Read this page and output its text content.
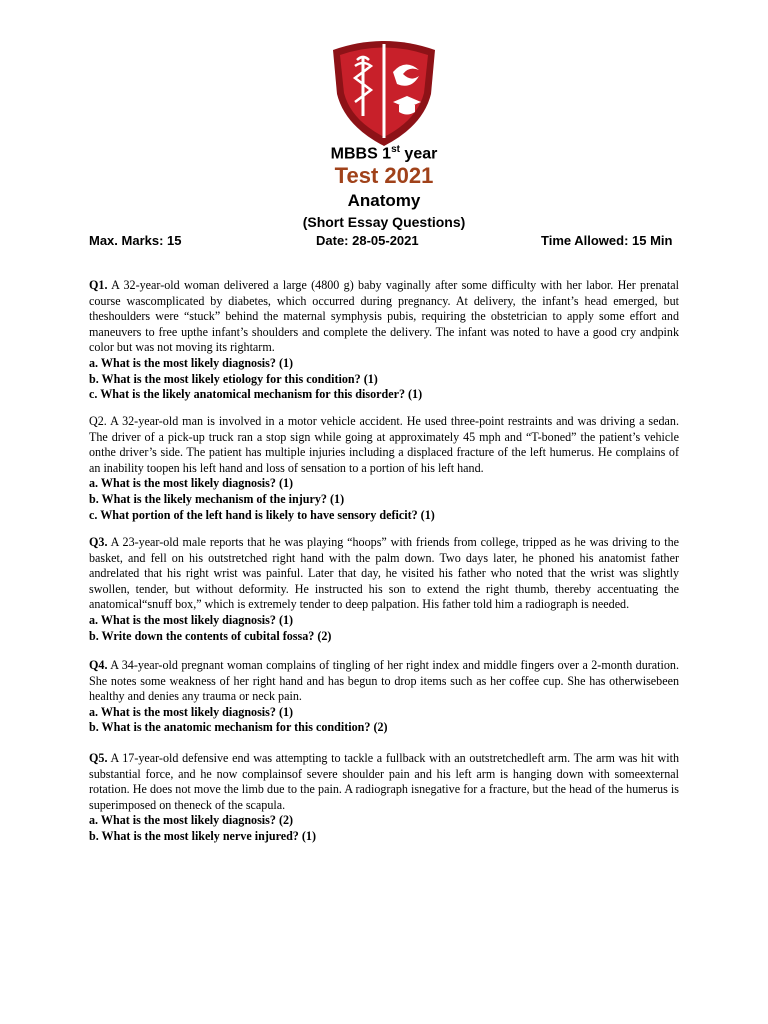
MBBS 1st year
Test 2021
Anatomy
(Short Essay Questions)
Max. Marks: 15	Date: 28-05-2021	Time Allowed: 15 Min

Q1. A 32-year-old woman delivered a large (4800 g) baby vaginally after some difficulty with her labor. Her prenatal course wascomplicated by diabetes, which occurred during pregnancy. At delivery, the infant’s head emerged, but theshoulders were “stuck” behind the maternal symphysis pubis, requiring the obstetrician to apply some effort and maneuvers to free upthe infant’s shoulders and complete the delivery. The infant was noted to have a good cry andpink color but was not moving its rightarm.

a. What is the most likely diagnosis? (1)

b. What is the most likely etiology for this condition? (1)

c. What is the likely anatomical mechanism for this disorder? (1)

Q2. A 32-year-old man is involved in a motor vehicle accident. He used three-point restraints and was driving a sedan. The driver of a pick-up truck ran a stop sign while going at approximately 45 mph and “T-boned” the patient’s vehicle onthe driver’s side. The patient has multiple injuries including a displaced fracture of the left humerus. He complains of an inability toopen his left hand and loss of sensation to a portion of his left hand.

a. What is the most likely diagnosis? (1)

b. What is the likely mechanism of the injury? (1)

c. What portion of the left hand is likely to have sensory deficit? (1)

Q3. A 23-year-old male reports that he was playing “hoops” with friends from college, tripped as he was driving to the basket, and fell on his outstretched right hand with the palm down. Two days later, he phoned his anatomist father andrelated that his right wrist was painful. Later that day, he visited his father who noted that the wrist was slightly swollen, tender, but without deformity. He instructed his son to extend the right thumb, thereby accentuating the anatomical“snuff box,” which is extremely tender to deep palpation. His father told him a radiograph is needed.

a. What is the most likely diagnosis? (1)

b. Write down the contents of cubital fossa? (2)

Q4. A 34-year-old pregnant woman complains of tingling of her right index and middle fingers over a 2-month duration. She notes some weakness of her right hand and has begun to drop items such as her coffee cup. She has otherwisebeen healthy and denies any trauma or neck pain.

a. What is the most likely diagnosis? (1)

b. What is the anatomic mechanism for this condition? (2)

Q5. A 17-year-old defensive end was attempting to tackle a fullback with an outstretchedleft arm. The arm was hit with substantial force, and he now complainsof severe shoulder pain and his left arm is hanging down with someexternal rotation. He does not move the limb due to the pain. A radiograph isnegative for a fracture, but the head of the humerus is superimposed on theneck of the scapula.

a. What is the most likely diagnosis? (2)

b. What is the most likely nerve injured? (1)
